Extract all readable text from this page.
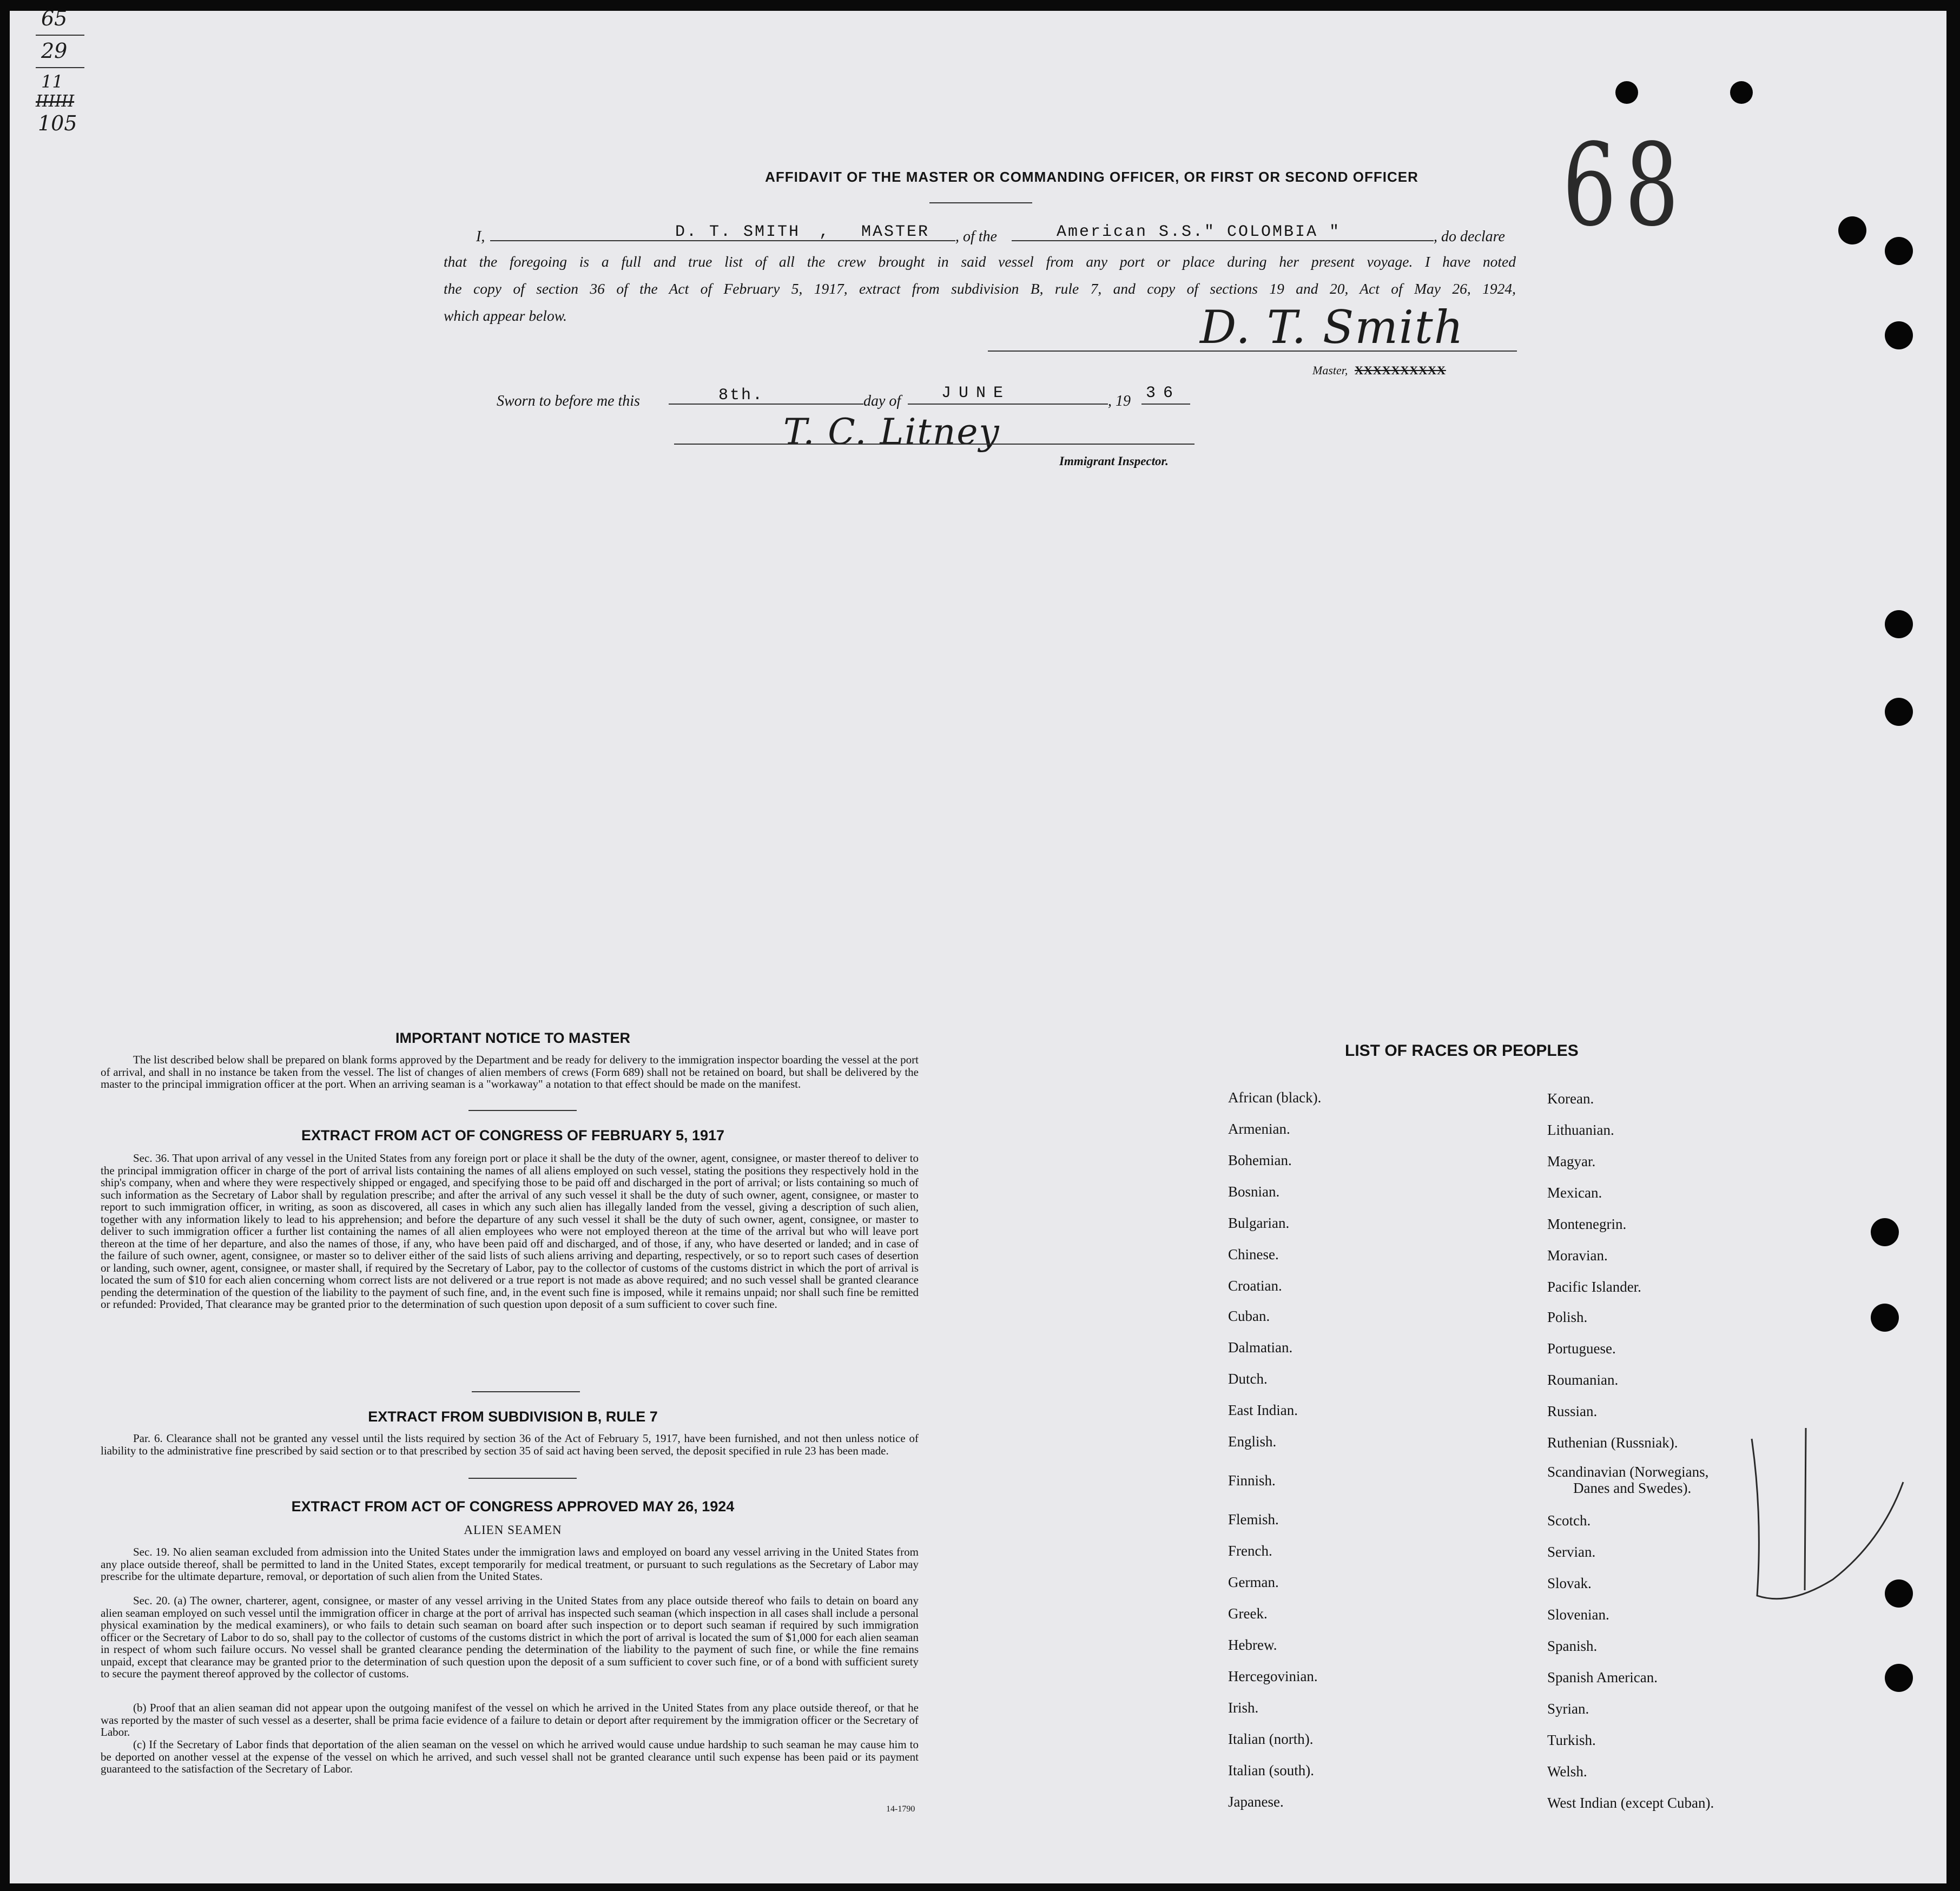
65
29
11
IIIIII
105	68
AFFIDAVIT OF THE MASTER OR COMMANDING OFFICER, OR FIRST OR SECOND OFFICER
I,	D. T. SMITH , MASTER , of the	American S.S." COLOMBIA "	, do declare
that the foregoing is a full and true list of all the crew brought in said vessel from any port or place during her present voyage. I have noted
the copy of section 36 of the Act of February 5, 1917, extract from subdivision B, rule 7, and copy of sections 19 and 20, Act of May 26, 1924,
which appear below.	D. T. Smith
Master, XXXXXXXXXX
Sworn to before me this	8th.	day of JUNE	, 19 36
T. C. Litney
Immigrant Inspector.
IMPORTANT NOTICE TO MASTER
The list described below shall be prepared on blank forms approved by the Department and be ready for delivery to the immigration inspector boarding the vessel at the port of arrival, and shall in no instance be taken from the vessel. The list of changes of alien members of crews (Form 689) shall not be retained on board, but shall be delivered by the master to the principal immigration officer at the port. When an arriving seaman is a "workaway" a notation to that effect should be made on the manifest.
EXTRACT FROM ACT OF CONGRESS OF FEBRUARY 5, 1917
Sec. 36. That upon arrival of any vessel in the United States from any foreign port or place it shall be the duty of the owner, agent, consignee, or master thereof to deliver to the principal immigration officer in charge of the port of arrival lists containing the names of all aliens employed on such vessel, stating the positions they respectively hold in the ship's company, when and where they were respectively shipped or engaged, and specifying those to be paid off and discharged in the port of arrival; or lists containing so much of such information as the Secretary of Labor shall by regulation prescribe; and after the arrival of any such vessel it shall be the duty of such owner, agent, consignee, or master to report to such immigration officer, in writing, as soon as discovered, all cases in which any such alien has illegally landed from the vessel, giving a description of such alien, together with any information likely to lead to his apprehension; and before the departure of any such vessel it shall be the duty of such owner, agent, consignee, or master to deliver to such immigration officer a further list containing the names of all alien employees who were not employed thereon at the time of the arrival but who will leave port thereon at the time of her departure, and also the names of those, if any, who have been paid off and discharged, and of those, if any, who have deserted or landed; and in case of the failure of such owner, agent, consignee, or master so to deliver either of the said lists of such aliens arriving and departing, respectively, or so to report such cases of desertion or landing, such owner, agent, consignee, or master shall, if required by the Secretary of Labor, pay to the collector of customs of the customs district in which the port of arrival is located the sum of $10 for each alien concerning whom correct lists are not delivered or a true report is not made as above required; and no such vessel shall be granted clearance pending the determination of the question of the liability to the payment of such fine, and, in the event such fine is imposed, while it remains unpaid; nor shall such fine be remitted or refunded: Provided, That clearance may be granted prior to the determination of such question upon deposit of a sum sufficient to cover such fine.
EXTRACT FROM SUBDIVISION B, RULE 7
Par. 6. Clearance shall not be granted any vessel until the lists required by section 36 of the Act of February 5, 1917, have been furnished, and not then unless notice of liability to the administrative fine prescribed by said section or to that prescribed by section 35 of said act having been served, the deposit specified in rule 23 has been made.
EXTRACT FROM ACT OF CONGRESS APPROVED MAY 26, 1924
ALIEN SEAMEN
Sec. 19. No alien seaman excluded from admission into the United States under the immigration laws and employed on board any vessel arriving in the United States from any place outside thereof, shall be permitted to land in the United States, except temporarily for medical treatment, or pursuant to such regulations as the Secretary of Labor may prescribe for the ultimate departure, removal, or deportation of such alien from the United States.
Sec. 20. (a) The owner, charterer, agent, consignee, or master of any vessel arriving in the United States from any place outside thereof who fails to detain on board any alien seaman employed on such vessel until the immigration officer in charge at the port of arrival has inspected such seaman (which inspection in all cases shall include a personal physical examination by the medical examiners), or who fails to detain such seaman on board after such inspection or to deport such seaman if required by such immigration officer or the Secretary of Labor to do so, shall pay to the collector of customs of the customs district in which the port of arrival is located the sum of $1,000 for each alien seaman in respect of whom such failure occurs. No vessel shall be granted clearance pending the determination of the liability to the payment of such fine, or while the fine remains unpaid, except that clearance may be granted prior to the determination of such question upon the deposit of a sum sufficient to cover such fine, or of a bond with sufficient surety to secure the payment thereof approved by the collector of customs.
(b) Proof that an alien seaman did not appear upon the outgoing manifest of the vessel on which he arrived in the United States from any place outside thereof, or that he was reported by the master of such vessel as a deserter, shall be prima facie evidence of a failure to detain or deport after requirement by the immigration officer or the Secretary of Labor.
(c) If the Secretary of Labor finds that deportation of the alien seaman on the vessel on which he arrived would cause undue hardship to such seaman he may cause him to be deported on another vessel at the expense of the vessel on which he arrived, and such vessel shall not be granted clearance until such expense has been paid or its payment guaranteed to the satisfaction of the Secretary of Labor.
14-1790
LIST OF RACES OR PEOPLES
African (black).
Armenian.
Bohemian.
Bosnian.
Bulgarian.
Chinese.
Croatian.
Cuban.
Dalmatian.
Dutch.
East Indian.
English.
Finnish.
Flemish.
French.
German.
Greek.
Hebrew.
Hercegovinian.
Irish.
Italian (north).
Italian (south).
Japanese.
Korean.
Lithuanian.
Magyar.
Mexican.
Montenegrin.
Moravian.
Pacific Islander.
Polish.
Portuguese.
Roumanian.
Russian.
Ruthenian (Russniak).
Scandinavian (Norwegians,
Danes and Swedes).
Scotch.
Servian.
Slovak.
Slovenian.
Spanish.
Spanish American.
Syrian.
Turkish.
Welsh.
West Indian (except Cuban).
